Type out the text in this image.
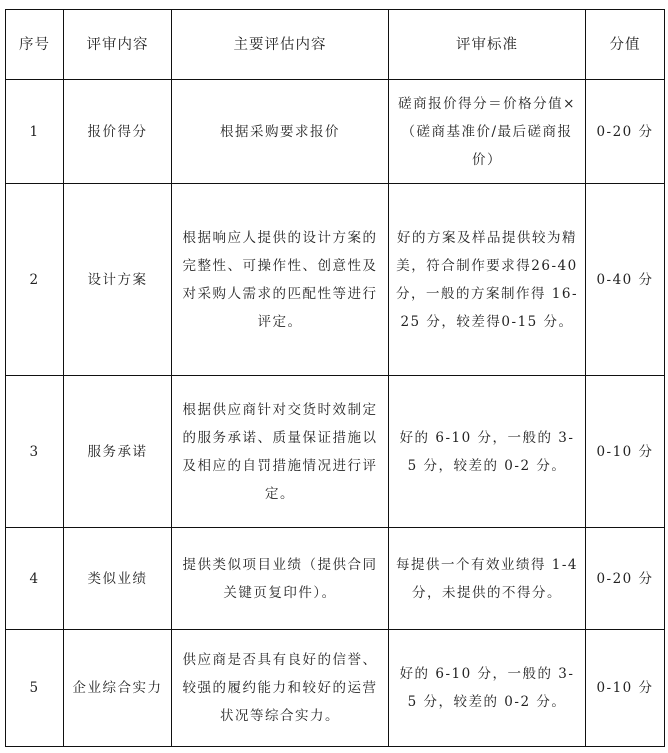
序号	评审内容	主要评估内容	评审标准	分值
1	报价得分	根据采购要求报价	磋商报价得分＝价格分值×（磋商基准价/最后磋商报价）	0-20 分
2	设计方案	根据响应人提供的设计方案的完整性、可操作性、创意性及对采购人需求的匹配性等进行评定。	好的方案及样品提供较为精美，符合制作要求得26-40 分，一般的方案制作得 16-25 分，较差得0-15 分。	0-40 分
3	服务承诺	根据供应商针对交货时效制定的服务承诺、质量保证措施以及相应的自罚措施情况进行评定。	好的 6-10 分，一般的 3-5 分，较差的 0-2 分。	0-10 分
4	类似业绩	提供类似项目业绩（提供合同关键页复印件）。	每提供一个有效业绩得 1-4 分，未提供的不得分。	0-20 分
5	企业综合实力	供应商是否具有良好的信誉、较强的履约能力和较好的运营状况等综合实力。	好的 6-10 分，一般的 3-5 分，较差的 0-2 分。	0-10 分
